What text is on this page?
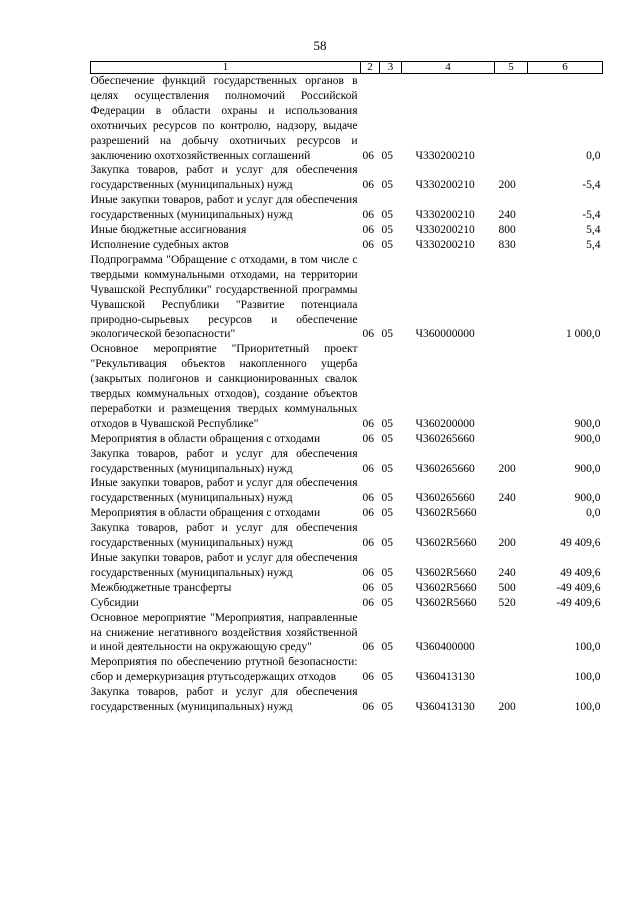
58
1	2	3	4	5	6
Обеспечение функций государственных органов в целях осуществления полномочий Российской Федерации в области охраны и использования охотничьих ресурсов по контролю, надзору, выдаче разрешений на добычу охотничьих ресурсов и заключению охотхозяйственных соглашений	06	05	Ч330200210		0,0
Закупка товаров, работ и услуг для обеспечения государственных (муниципальных) нужд	06	05	Ч330200210	200	-5,4
Иные закупки товаров, работ и услуг для обеспечения государственных (муниципальных) нужд	06	05	Ч330200210	240	-5,4
Иные бюджетные ассигнования	06	05	Ч330200210	800	5,4
Исполнение судебных актов	06	05	Ч330200210	830	5,4
Подпрограмма "Обращение с отходами, в том числе с твердыми коммунальными отходами, на территории Чувашской Республики" государственной программы Чувашской Республики "Развитие потенциала природно-сырьевых ресурсов и обеспечение экологической безопасности"	06	05	Ч360000000		1 000,0
Основное мероприятие "Приоритетный проект "Рекультивация объектов накопленного ущерба (закрытых полигонов и санкционированных свалок твердых коммунальных отходов), создание объектов переработки и размещения твердых коммунальных отходов в Чувашской Республике"	06	05	Ч360200000		900,0
Мероприятия в области обращения с отходами	06	05	Ч360265660		900,0
Закупка товаров, работ и услуг для обеспечения государственных (муниципальных) нужд	06	05	Ч360265660	200	900,0
Иные закупки товаров, работ и услуг для обеспечения государственных (муниципальных) нужд	06	05	Ч360265660	240	900,0
Мероприятия в области обращения с отходами	06	05	Ч3602R5660		0,0
Закупка товаров, работ и услуг для обеспечения государственных (муниципальных) нужд	06	05	Ч3602R5660	200	49 409,6
Иные закупки товаров, работ и услуг для обеспечения государственных (муниципальных) нужд	06	05	Ч3602R5660	240	49 409,6
Межбюджетные трансферты	06	05	Ч3602R5660	500	-49 409,6
Субсидии	06	05	Ч3602R5660	520	-49 409,6
Основное мероприятие "Мероприятия, направленные на снижение негативного воздействия хозяйственной и иной деятельности на окружающую среду"	06	05	Ч360400000		100,0
Мероприятия по обеспечению ртутной безопасности: сбор и демеркуризация ртутьсодержащих отходов	06	05	Ч360413130		100,0
Закупка товаров, работ и услуг для обеспечения государственных (муниципальных) нужд	06	05	Ч360413130	200	100,0
